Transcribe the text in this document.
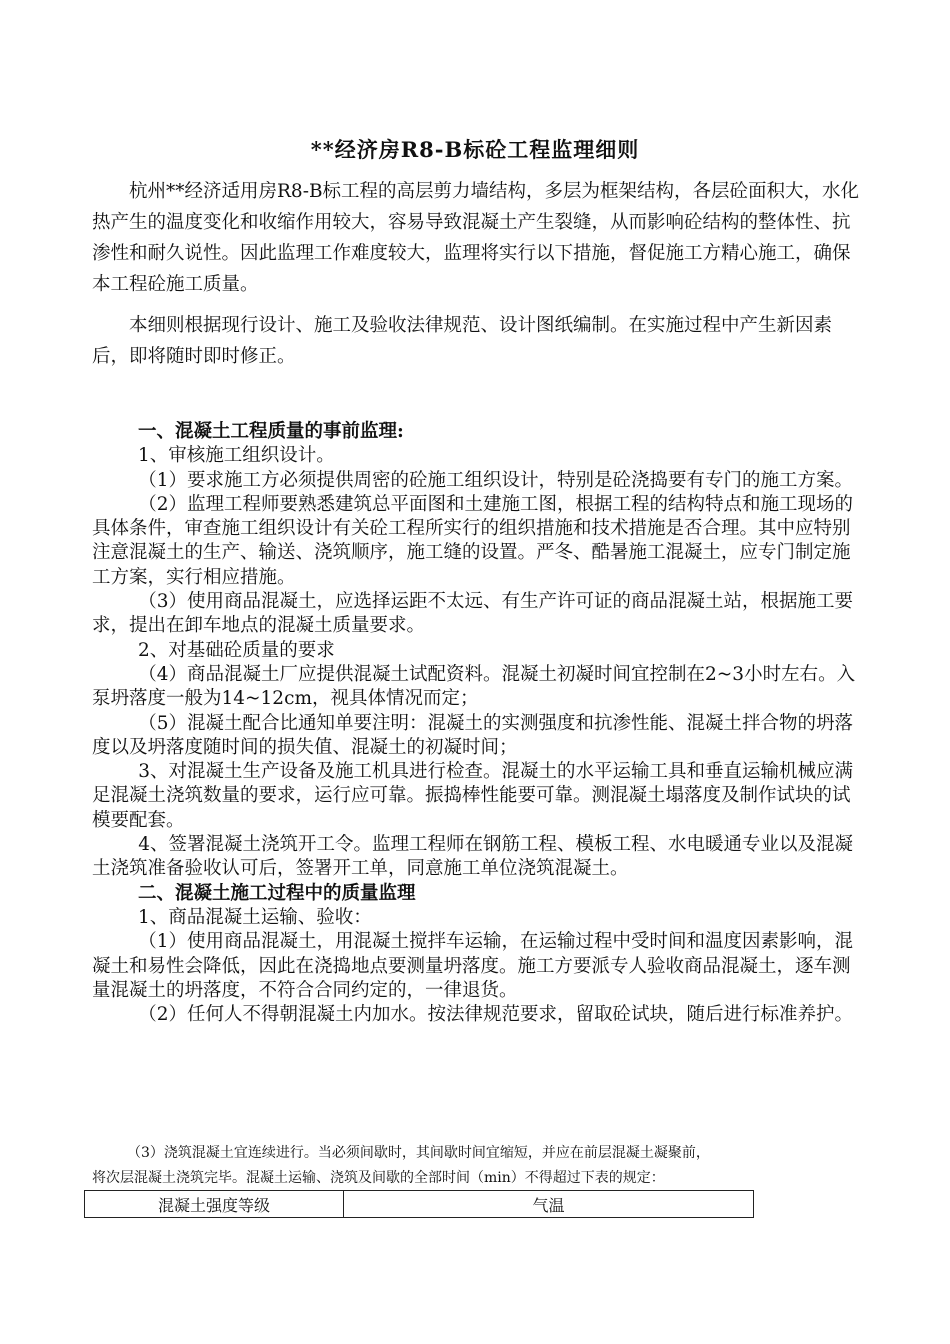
**经济房R8-B标砼工程监理细则
杭州**经济适用房R8-B标工程的高层剪力墙结构，多层为框架结构，各层砼面积大，水化热产生的温度变化和收缩作用较大，容易导致混凝土产生裂缝，从而影响砼结构的整体性、抗渗性和耐久说性。因此监理工作难度较大，监理将实行以下措施，督促施工方精心施工，确保本工程砼施工质量。
本细则根据现行设计、施工及验收法律规范、设计图纸编制。在实施过程中产生新因素后，即将随时即时修正。

一、混凝土工程质量的事前监理:

1、审核施工组织设计。

（1）要求施工方必须提供周密的砼施工组织设计，特别是砼浇捣要有专门的施工方案。

（2）监理工程师要熟悉建筑总平面图和土建施工图，根据工程的结构特点和施工现场的具体条件，审查施工组织设计有关砼工程所实行的组织措施和技术措施是否合理。其中应特别注意混凝土的生产、输送、浇筑顺序，施工缝的设置。严冬、酷暑施工混凝土，应专门制定施工方案，实行相应措施。

（3）使用商品混凝土，应选择运距不太远、有生产许可证的商品混凝土站，根据施工要求，提出在卸车地点的混凝土质量要求。

2、对基础砼质量的要求

（4）商品混凝土厂应提供混凝土试配资料。混凝土初凝时间宜控制在2~3小时左右。入泵坍落度一般为14~12cm，视具体情况而定；

（5）混凝土配合比通知单要注明：混凝土的实测强度和抗渗性能、混凝土拌合物的坍落度以及坍落度随时间的损失值、混凝土的初凝时间；

3、对混凝土生产设备及施工机具进行检查。混凝土的水平运输工具和垂直运输机械应满足混凝土浇筑数量的要求，运行应可靠。振捣棒性能要可靠。测混凝土塌落度及制作试块的试模要配套。

4、签署混凝土浇筑开工令。监理工程师在钢筋工程、模板工程、水电暖通专业以及混凝土浇筑准备验收认可后，签署开工单，同意施工单位浇筑混凝土。

二、混凝土施工过程中的质量监理

1、商品混凝土运输、验收：

（1）使用商品混凝土，用混凝土搅拌车运输，在运输过程中受时间和温度因素影响，混凝土和易性会降低，因此在浇捣地点要测量坍落度。施工方要派专人验收商品混凝土，逐车测量混凝土的坍落度，不符合合同约定的，一律退货。

（2）任何人不得朝混凝土内加水。按法律规范要求，留取砼试块，随后进行标准养护。

（3）浇筑混凝土宜连续进行。当必须间歇时，其间歇时间宜缩短，并应在前层混凝土凝聚前，

将次层混凝土浇筑完毕。混凝土运输、浇筑及间歇的全部时间（min）不得超过下表的规定：

混凝土强度等级	气温
